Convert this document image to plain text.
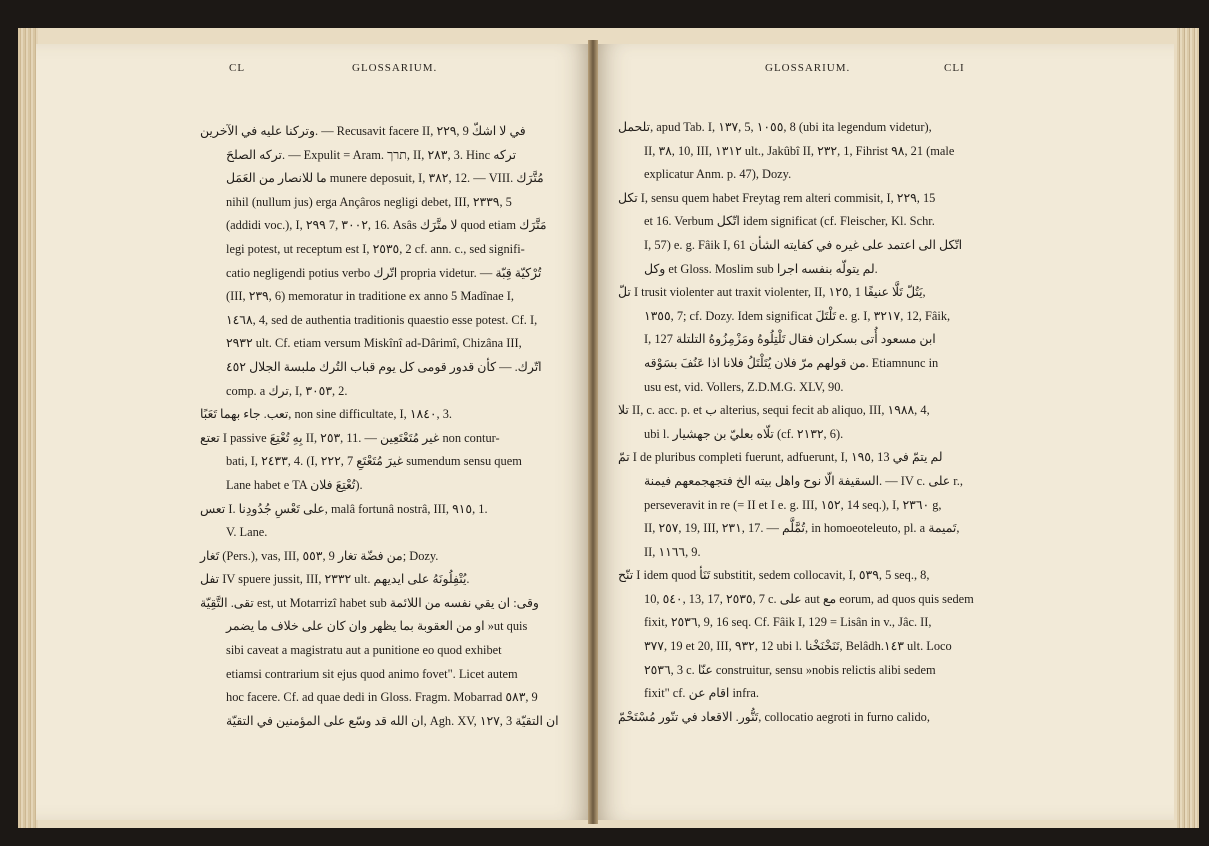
CL	GLOSSARIUM.	GLOSSARIUM.	CLI
وتركنا عليه في الآخرين. — Recusavit facere II, ٢٢٩, 9 في لا اشكّ
تركه الصلحَ. — Expulit = Aram. תרך, II, ٢٨٣, 3. Hinc تركه
ما للانصار من العَمَل munere deposuit, I, ٣٨٢, 12. — VIII. مُتَّرَك
nihil (nullum jus) erga Ançâros negligi debet, III, ٢٣٣٩, 5
(addidi voc.), I, ٢٩٩ 7, ٣٠٠٢, 16. Asâs لا متَّرَك quod etiam مَتَّرَك
legi potest, ut receptum est I, ٢٥٣٥, 2 cf. ann. c., sed signifi-
catio negligendi potius verbo اتّرك propria videtur. — تُرْكيّة قِبّة
(III, ٢٣٩, 6) memoratur in traditione ex anno 5 Madînae I,
١٤٦٨, 4, sed de authentia traditionis quaestio esse potest. Cf. I,
٢٩٣٢ ult. Cf. etiam versum Miskînî ad-Dârimî, Chizâna III,
اتّرك. — كأن قدور قومى كل يوم قباب التُرك ملبسة الجلال ٤٥٢
comp. a ترك, I, ٣٠٥٣, 2.
تعب. جاء بهما تَعَبًا, non sine difficultate, I, ١٨٤٠, 3.
تعتع I passive بِهِ تُعْتِعَ II, ٢٥٣, 11. — غير مُتَعْتَعِين non contur-
bati, I, ٢٤٣٣, 4. (I, ٢٢٢, 7 غيرَ مُتَعْتَعِ sumendum sensu quem
Lane habet e TA تُعْتِعَ فلان).
تعس I. على تَعْسِ جُدُودِنا, malâ fortunâ nostrâ, III, ٩١٥, 1.
V. Lane.
تَغار (Pers.), vas, III, ٥٥٣, 9 من فضّة تغار; Dozy.
تفل IV spuere jussit, III, ٢٣٣٢ ult. يُتْفِلُونَهُ على ايديهم.
تقى. التَّقِيّة est, ut Motarrizî habet sub وقى: ان يقي نفسه من اللائمة
او من العقوبة بما يظهر وان كان على خلاف ما يضمر »ut quis
sibi caveat a magistratu aut a punitione eo quod exhibet
etiamsi contrarium sit ejus quod animo fovet". Licet autem
hoc facere. Cf. ad quae dedi in Gloss. Fragm. Mobarrad ٥٨٣, 9
ان الله قد وسّع على المؤمنين في التقيّة, Agh. XV, ١٢٧, 3 ان التقيّة
تلحمل, apud Tab. I, ١٣٧, 5, ١٠٥٥, 8 (ubi ita legendum videtur),
II, ٣٨, 10, III, ١٣١٢ ult., Jakûbî II, ٢٣٢, 1, Fihrist ٩٨, 21 (male
explicatur Anm. p. 47), Dozy.
تكل I, sensu quem habet Freytag rem alteri commisit, I, ٢٢٩, 15
et 16. Verbum اتّكل idem significat (cf. Fleischer, Kl. Schr.
I, 57) e. g. Fâik I, 61 اتّكل الى اعتمد على غيره في كفايته الشأن
وكل et Gloss. Moslim sub لم يتولّه بنفسه اجرا.
تلّ I trusit violenter aut traxit violenter, II, ١٢٥, 1 يَتُلّ تَلَّا عنيفًا,
١٣٥٥, 7; cf. Dozy. Idem significat تَلْتَلَ e. g. I, ٣٢١٧, 12, Fâik,
I, 127 ابن مسعود أُتى بسكران فقال تَلْتِلُوهُ ومَزْمِزُوهُ التلتلة
من قولهم مرّ فلان يُتَلْتَلُ فلانا اذا عَنُفَ بسَوْقه. Etiamnunc in
usu est, vid. Vollers, Z.D.M.G. XLV, 90.
تلا II, c. acc. p. et ب alterius, sequi fecit ab aliquo, III, ١٩٨٨, 4,
ubi l. تلّاه بعليّ بن جهشيار (cf. ٢١٣٢, 6).
تمّ I de pluribus completi fuerunt, adfuerunt, I, ١٩٥, 13 لم يتمّ في
السقيفة الّا نوح واهل بيته الخ فتجهجمعهم فيمنة. — IV c. على r.,
perseveravit in re (= II et I e. g. III, ١٥٢, 14 seq.), I, ٢٣٦٠ g,
II, ٢٥٧, 19, III, ٢٣١, 17. — تُمَّلَّم, in homoeoteleuto, pl. a تَميمة,
II, ١١٦٦, 9.
تنّح I idem quod تَنَأ substitit, sedem collocavit, I, ٥٣٩, 5 seq., 8,
10, ٥٤٠, 13, 17, ٢٥٣٥, 7 c. على aut مع eorum, ad quos quis sedem
fixit, ٢٥٣٦, 9, 16 seq. Cf. Fâik I, 129 = Lisân in v., Jâc. II,
٣٧٧, 19 et 20, III, ٩٣٢, 12 ubi l. تَنَخْنَخْنا, Belâdh.١٤٣ ult. Loco
٢٥٣٦, 3 c. عنّا construitur, sensu »nobis relictis alibi sedem
fixit" cf. اقام عن infra.
تَنُّور. الاقعاد في تنّور مُسْتَحْمّ, collocatio aegroti in furno calido,
